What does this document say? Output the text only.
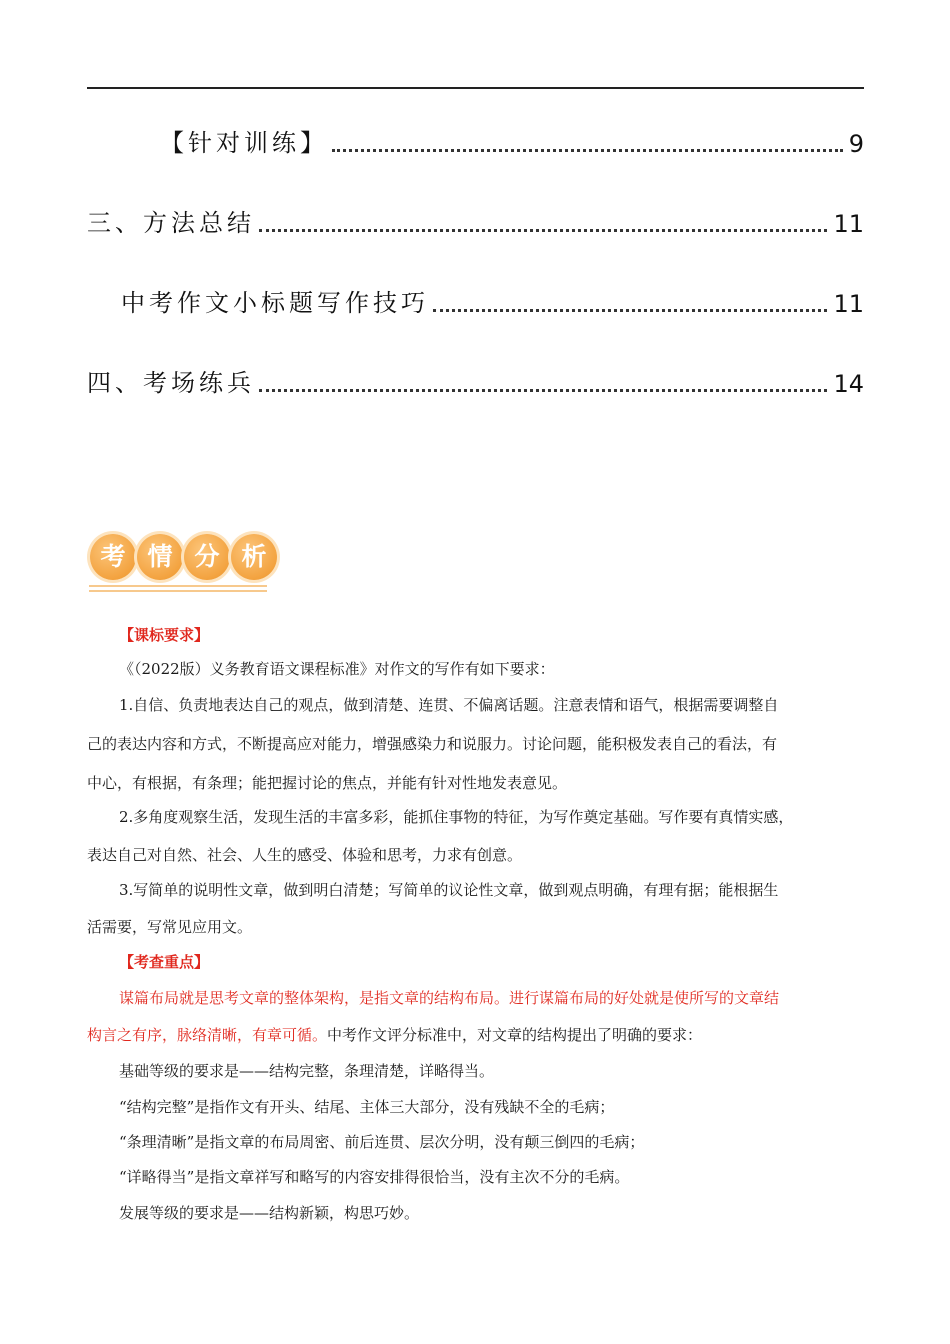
【针对训练】	9
三、方法总结	11
中考作文小标题写作技巧	11
四、考场练兵	14
考 情 分 析
【课标要求】
《（2022版）义务教育语文课程标准》对作文的写作有如下要求：
1.自信、负责地表达自己的观点，做到清楚、连贯、不偏离话题。注意表情和语气，根据需要调整自
己的表达内容和方式，不断提高应对能力，增强感染力和说服力。讨论问题，能积极发表自己的看法，有
中心，有根据，有条理；能把握讨论的焦点，并能有针对性地发表意见。
2.多角度观察生活，发现生活的丰富多彩，能抓住事物的特征，为写作奠定基础。写作要有真情实感，
表达自己对自然、社会、人生的感受、体验和思考，力求有创意。
3.写简单的说明性文章，做到明白清楚；写简单的议论性文章，做到观点明确，有理有据；能根据生
活需要，写常见应用文。
【考查重点】
谋篇布局就是思考文章的整体架构，是指文章的结构布局。进行谋篇布局的好处就是使所写的文章结
构言之有序，脉络清晰，有章可循。中考作文评分标准中，对文章的结构提出了明确的要求：
基础等级的要求是——结构完整，条理清楚，详略得当。
“结构完整”是指作文有开头、结尾、主体三大部分，没有残缺不全的毛病；
“条理清晰”是指文章的布局周密、前后连贯、层次分明，没有颠三倒四的毛病；
“详略得当”是指文章祥写和略写的内容安排得很恰当，没有主次不分的毛病。
发展等级的要求是——结构新颖，构思巧妙。
